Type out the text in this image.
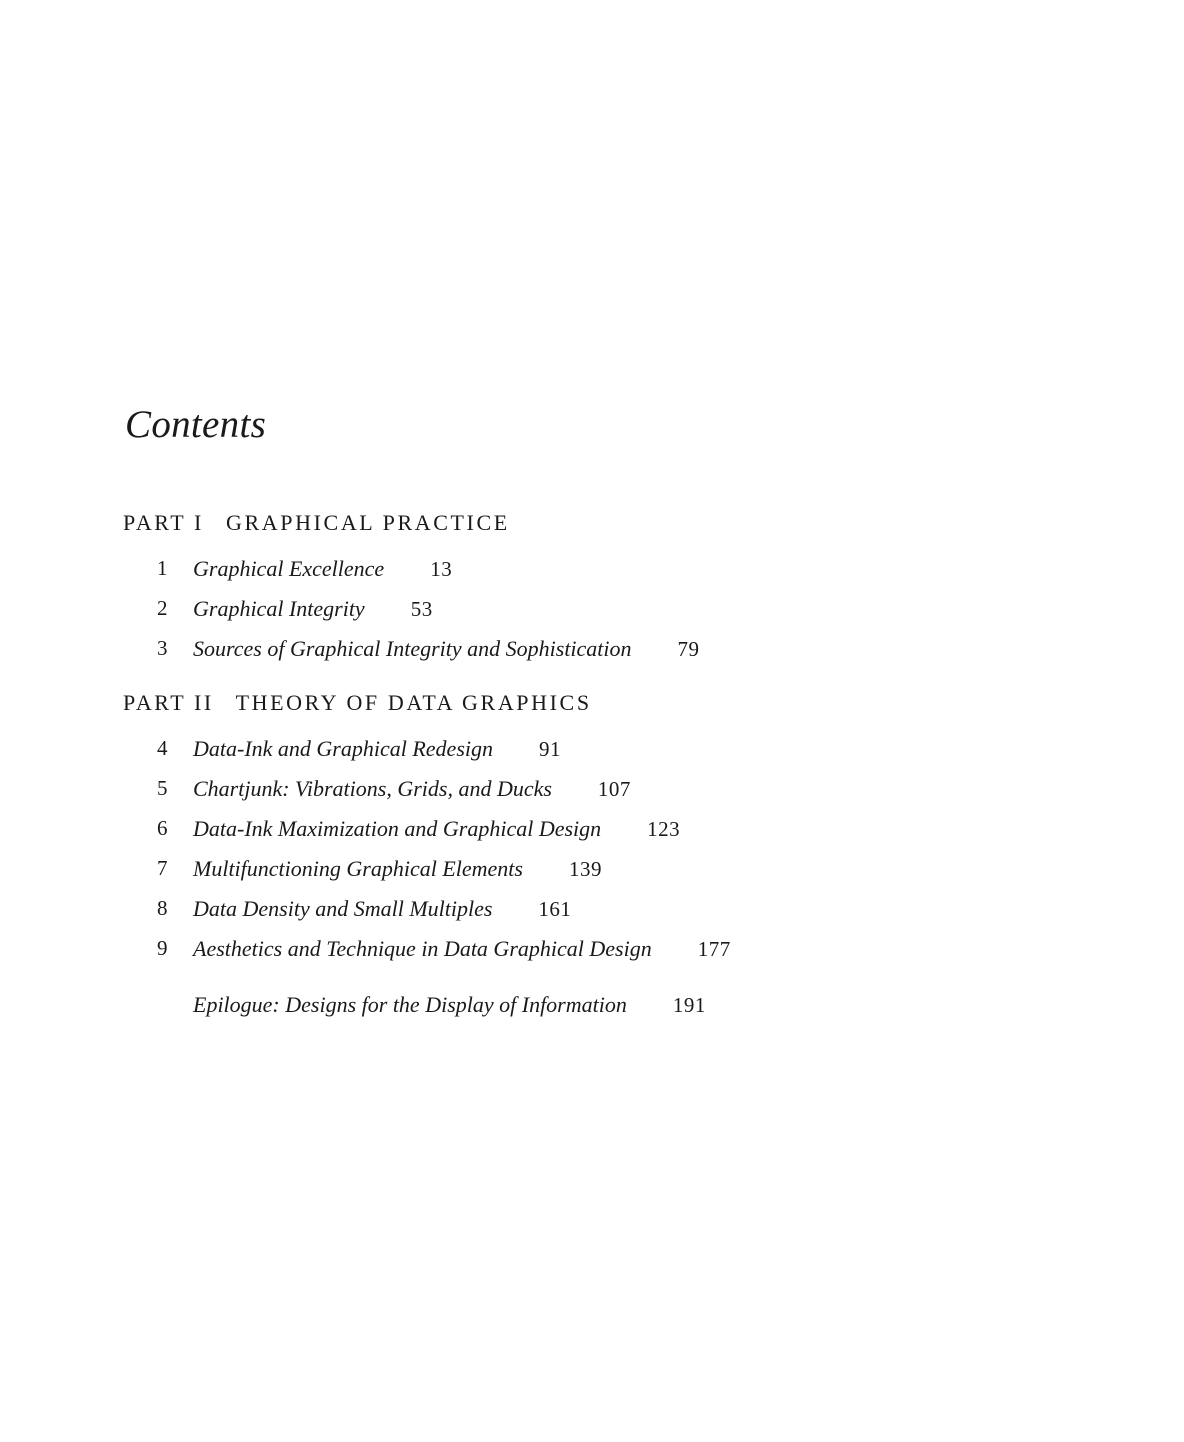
Contents
PART I GRAPHICAL PRACTICE
1	Graphical Excellence 13
2	Graphical Integrity 53
3	Sources of Graphical Integrity and Sophistication 79
PART II THEORY OF DATA GRAPHICS
4	Data-Ink and Graphical Redesign 91
5	Chartjunk: Vibrations, Grids, and Ducks 107
6	Data-Ink Maximization and Graphical Design 123
7	Multifunctioning Graphical Elements 139
8	Data Density and Small Multiples 161
9	Aesthetics and Technique in Data Graphical Design 177
Epilogue: Designs for the Display of Information 191
